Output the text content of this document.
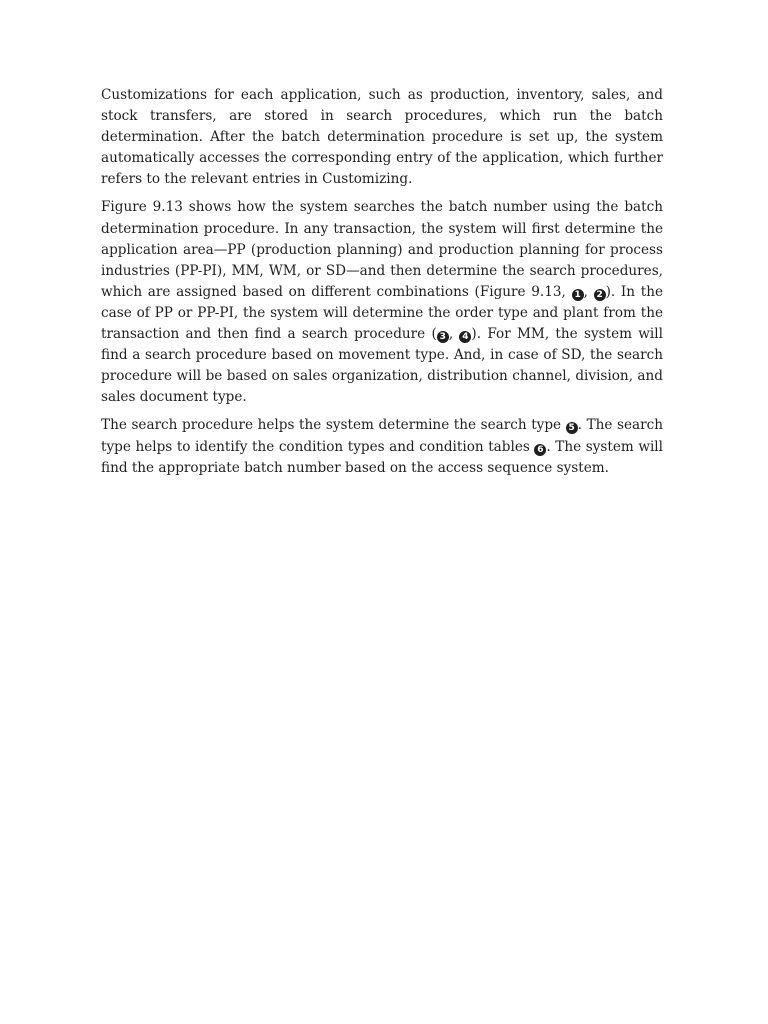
Customizations for each application, such as production, inventory, sales, and stock transfers, are stored in search procedures, which run the batch determination. After the batch determination procedure is set up, the system automatically accesses the corresponding entry of the application, which further refers to the relevant entries in Customizing.

Figure 9.13 shows how the system searches the batch number using the batch determination procedure. In any transaction, the system will first determine the application area—PP (production planning) and production planning for process industries (PP-PI), MM, WM, or SD—and then determine the search procedures, which are assigned based on different combinations (Figure 9.13, 1 , 2 ). In the case of PP or PP-PI, the system will determine the order type and plant from the transaction and then find a search procedure ( 3 , 4 ). For MM, the system will find a search procedure based on movement type. And, in case of SD, the search procedure will be based on sales organization, distribution channel, division, and sales document type.

The search procedure helps the system determine the search type 5 . The search type helps to identify the condition types and condition tables 6 . The system will find the appropriate batch number based on the access sequence system.
